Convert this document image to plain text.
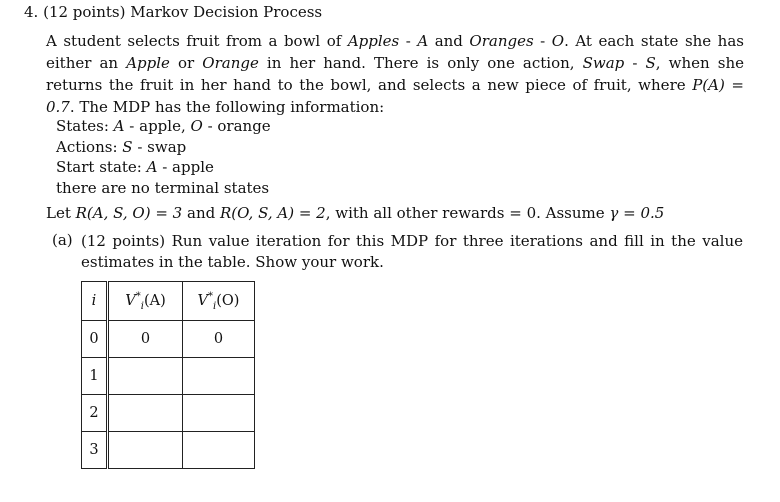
4. (12 points) Markov Decision Process
A student selects fruit from a bowl of Apples - A and Oranges - O. At each state she has either an Apple or Orange in her hand. There is only one action, Swap - S, when she returns the fruit in her hand to the bowl, and selects a new piece of fruit, where P(A) = 0.7. The MDP has the following information:
States: A - apple, O - orange
Actions: S - swap
Start state: A - apple
there are no terminal states
Let R(A, S, O) = 3 and R(O, S, A) = 2, with all other rewards = 0. Assume γ = 0.5
(a) (12 points) Run value iteration for this MDP for three iterations and fill in the value estimates in the table. Show your work.
i	$V^*_i(A)$	$V^*_i(O)$
0	0	0
1		
2		
3		
